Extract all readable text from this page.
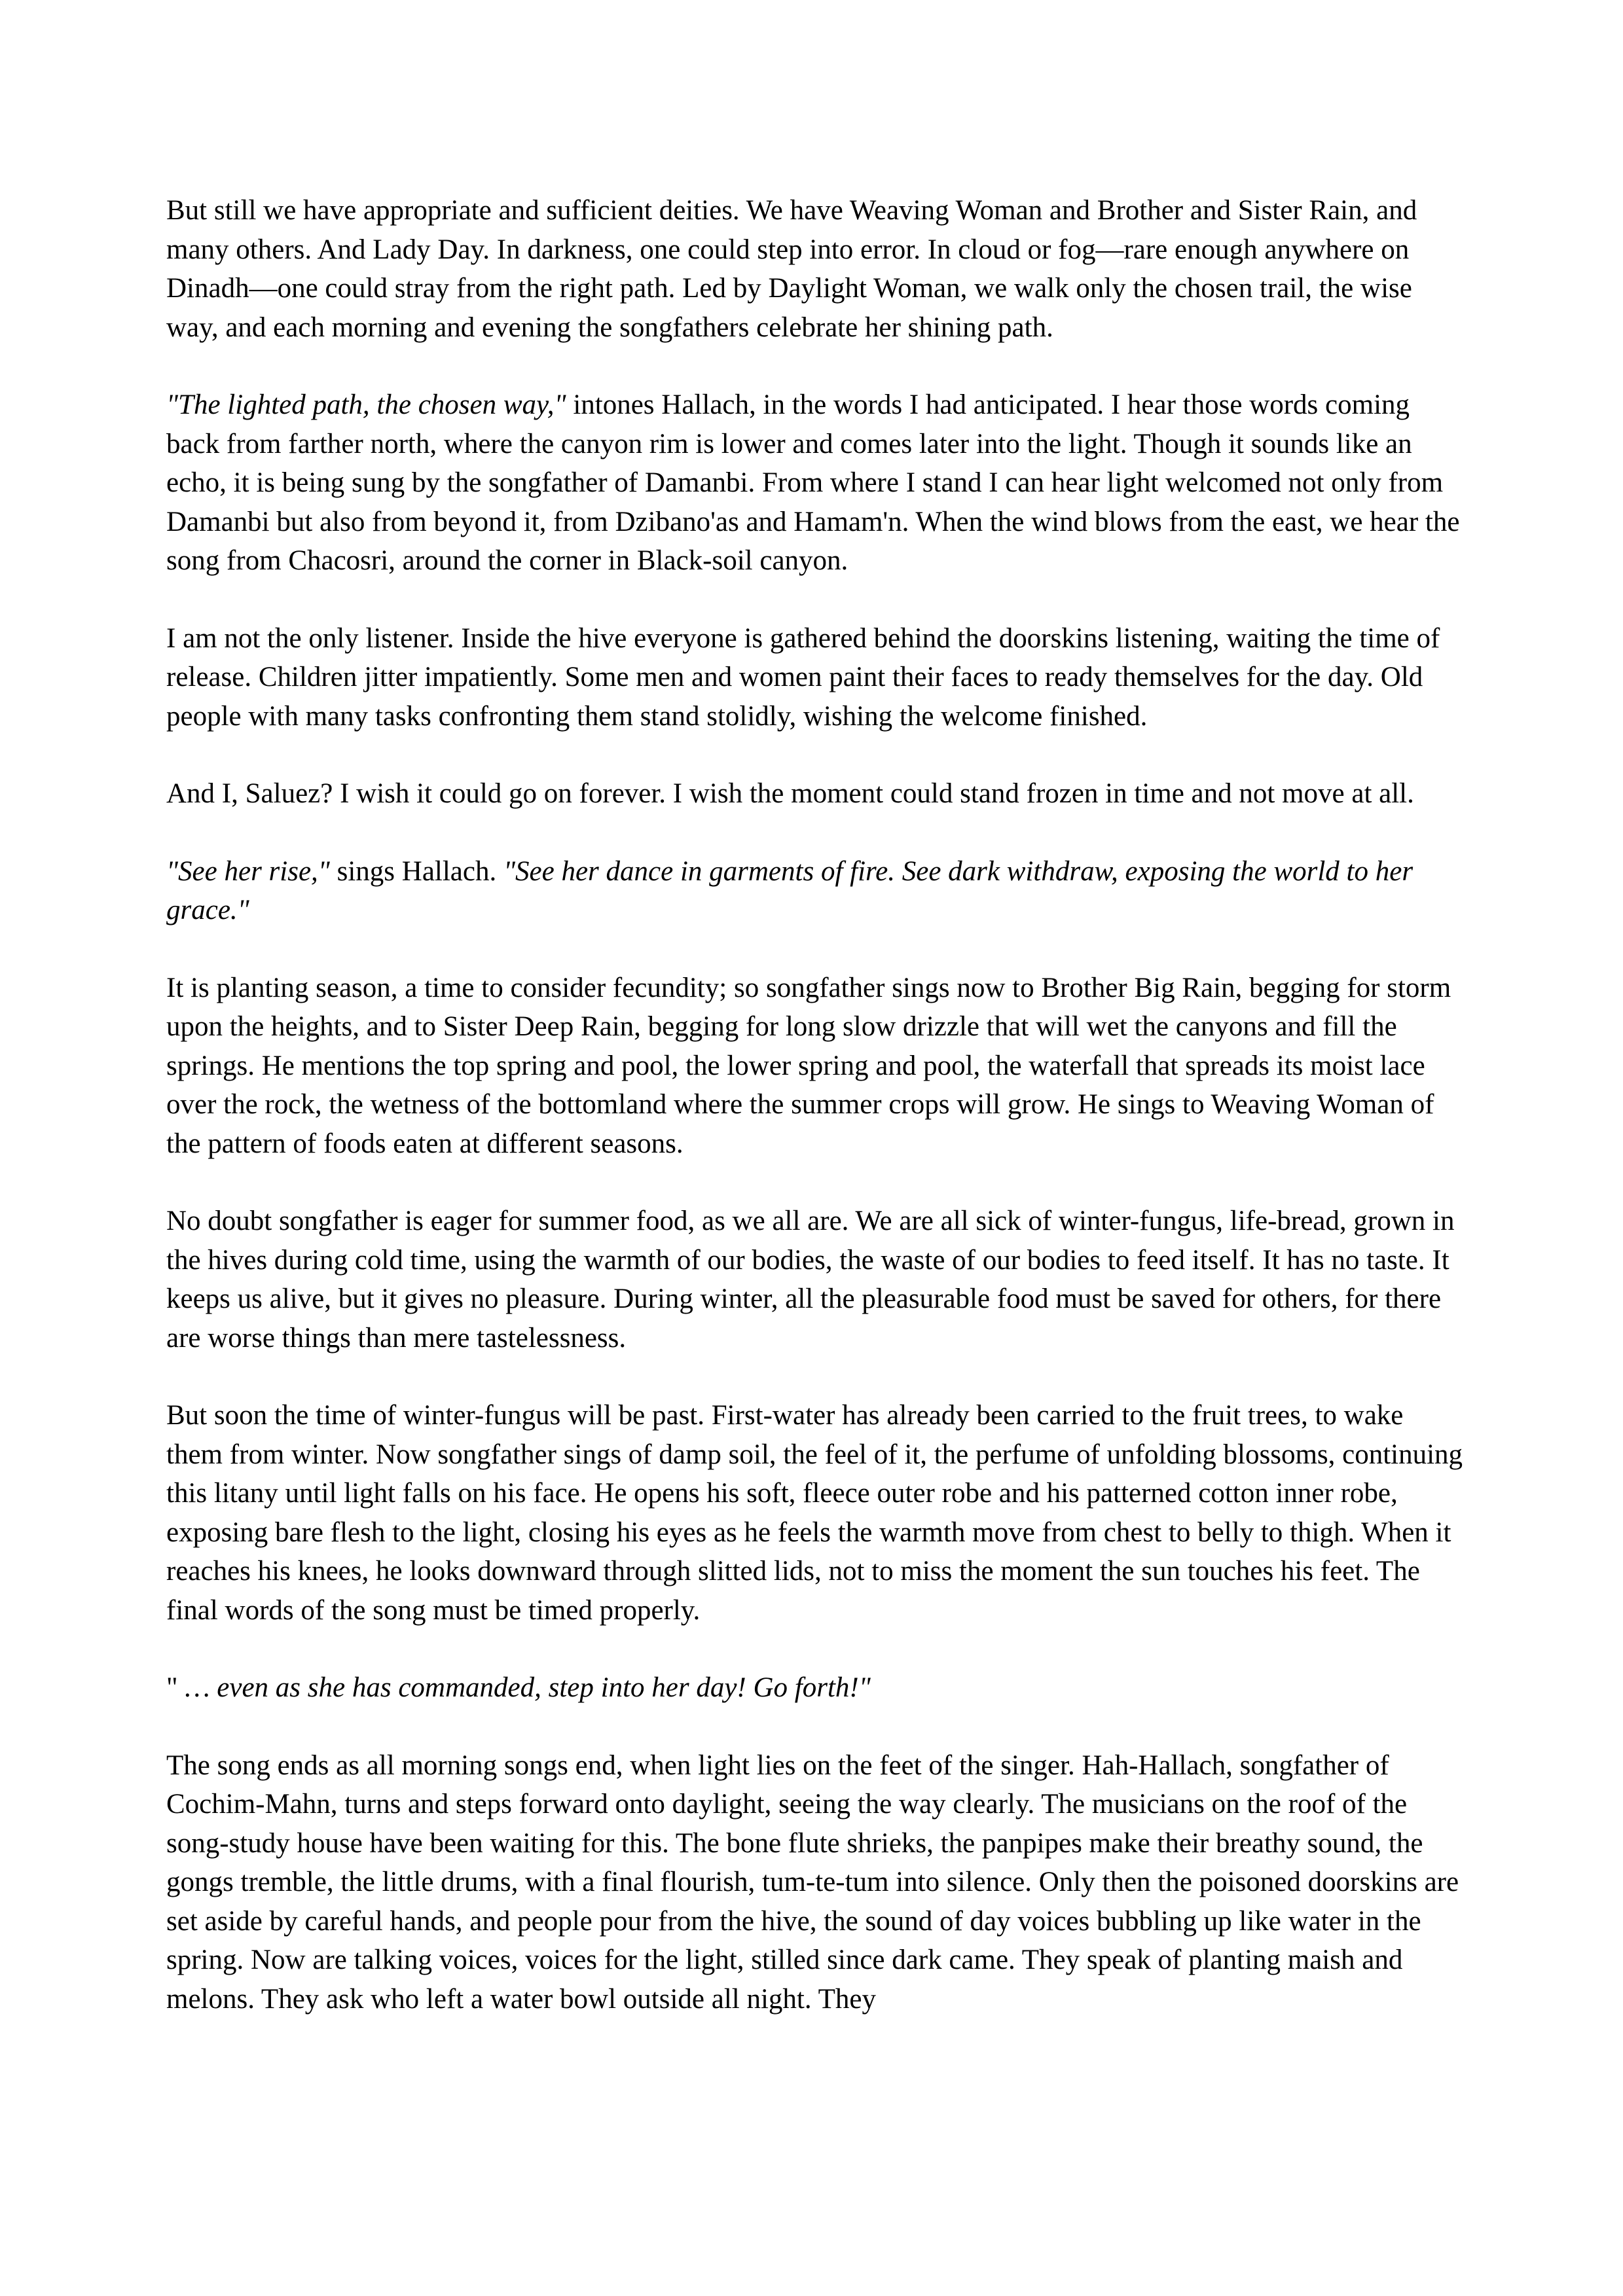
But still we have appropriate and sufficient deities. We have Weaving Woman and Brother and Sister Rain, and many others. And Lady Day. In darkness, one could step into error. In cloud or fog—rare enough anywhere on Dinadh—one could stray from the right path. Led by Daylight Woman, we walk only the chosen trail, the wise way, and each morning and evening the songfathers celebrate her shining path.

"The lighted path, the chosen way," intones Hallach, in the words I had anticipated. I hear those words coming back from farther north, where the canyon rim is lower and comes later into the light. Though it sounds like an echo, it is being sung by the songfather of Damanbi. From where I stand I can hear light welcomed not only from Damanbi but also from beyond it, from Dzibano'as and Hamam'n. When the wind blows from the east, we hear the song from Chacosri, around the corner in Black-soil canyon.

I am not the only listener. Inside the hive everyone is gathered behind the doorskins listening, waiting the time of release. Children jitter impatiently. Some men and women paint their faces to ready themselves for the day. Old people with many tasks confronting them stand stolidly, wishing the welcome finished.

And I, Saluez? I wish it could go on forever. I wish the moment could stand frozen in time and not move at all.

"See her rise," sings Hallach. "See her dance in garments of fire. See dark withdraw, exposing the world to her grace."

It is planting season, a time to consider fecundity; so songfather sings now to Brother Big Rain, begging for storm upon the heights, and to Sister Deep Rain, begging for long slow drizzle that will wet the canyons and fill the springs. He mentions the top spring and pool, the lower spring and pool, the waterfall that spreads its moist lace over the rock, the wetness of the bottomland where the summer crops will grow. He sings to Weaving Woman of the pattern of foods eaten at different seasons.

No doubt songfather is eager for summer food, as we all are. We are all sick of winter-fungus, life-bread, grown in the hives during cold time, using the warmth of our bodies, the waste of our bodies to feed itself. It has no taste. It keeps us alive, but it gives no pleasure. During winter, all the pleasurable food must be saved for others, for there are worse things than mere tastelessness.

But soon the time of winter-fungus will be past. First-water has already been carried to the fruit trees, to wake them from winter. Now songfather sings of damp soil, the feel of it, the perfume of unfolding blossoms, continuing this litany until light falls on his face. He opens his soft, fleece outer robe and his patterned cotton inner robe, exposing bare flesh to the light, closing his eyes as he feels the warmth move from chest to belly to thigh. When it reaches his knees, he looks downward through slitted lids, not to miss the moment the sun touches his feet. The final words of the song must be timed properly.

" … even as she has commanded, step into her day! Go forth!"

The song ends as all morning songs end, when light lies on the feet of the singer. Hah-Hallach, songfather of Cochim-Mahn, turns and steps forward onto daylight, seeing the way clearly. The musicians on the roof of the song-study house have been waiting for this. The bone flute shrieks, the panpipes make their breathy sound, the gongs tremble, the little drums, with a final flourish, tum-te-tum into silence. Only then the poisoned doorskins are set aside by careful hands, and people pour from the hive, the sound of day voices bubbling up like water in the spring. Now are talking voices, voices for the light, stilled since dark came. They speak of planting maish and melons. They ask who left a water bowl outside all night. They
